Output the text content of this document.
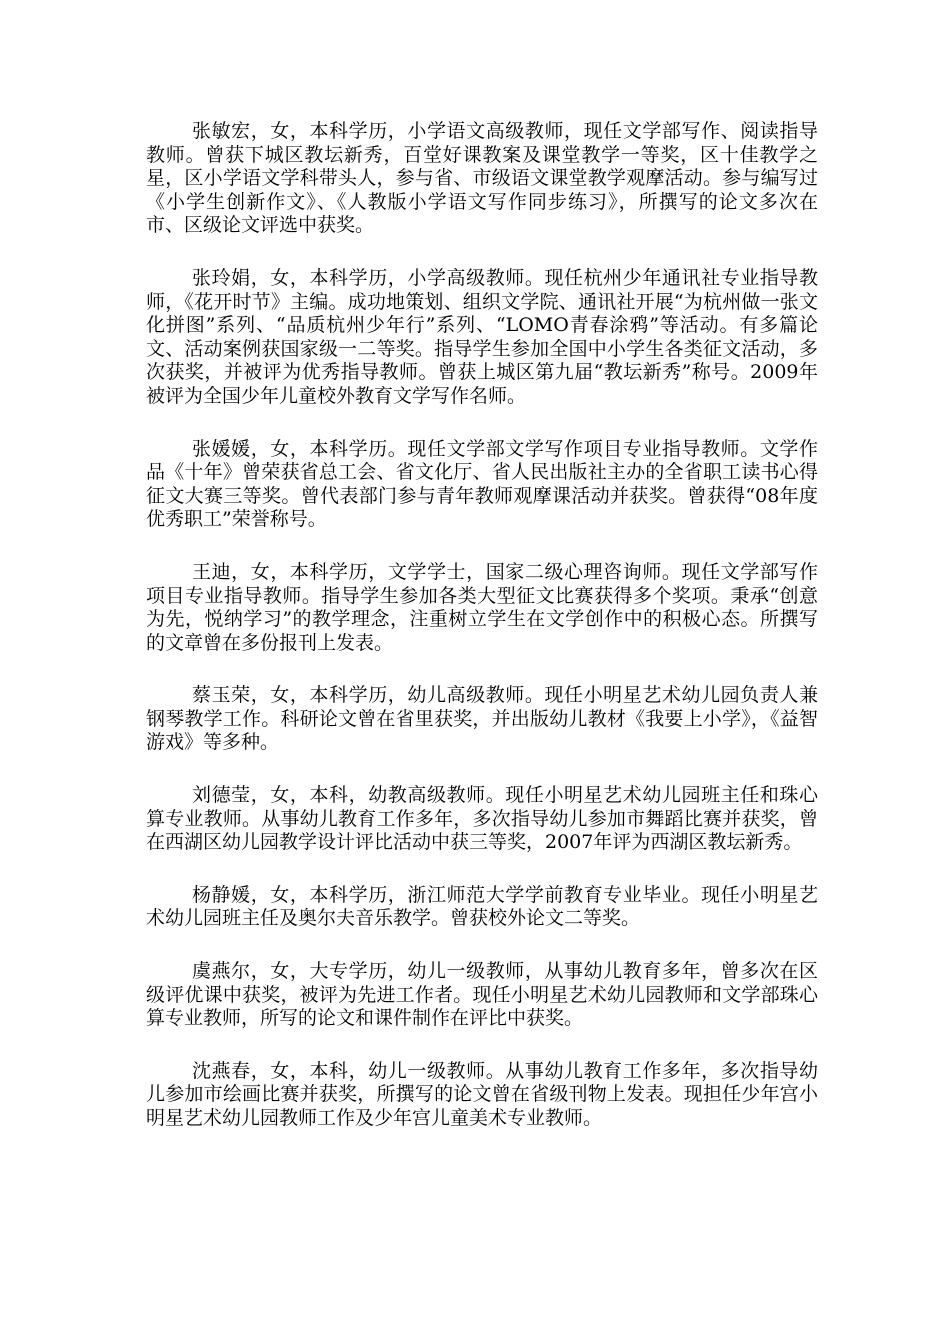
张敏宏，女，本科学历，小学语文高级教师，现任文学部写作、阅读指导教师。曾获下城区教坛新秀，百堂好课教案及课堂教学一等奖，区十佳教学之星，区小学语文学科带头人，参与省、市级语文课堂教学观摩活动。参与编写过《小学生创新作文》、《人教版小学语文写作同步练习》，所撰写的论文多次在市、区级论文评选中获奖。

张玲娟，女，本科学历，小学高级教师。现任杭州少年通讯社专业指导教师，《花开时节》主编。成功地策划、组织文学院、通讯社开展“为杭州做一张文化拼图”系列、“品质杭州少年行”系列、“LOMO青春涂鸦”等活动。有多篇论文、活动案例获国家级一二等奖。指导学生参加全国中小学生各类征文活动，多次获奖，并被评为优秀指导教师。曾获上城区第九届“教坛新秀”称号。2009年被评为全国少年儿童校外教育文学写作名师。

张媛媛，女，本科学历。现任文学部文学写作项目专业指导教师。文学作品《十年》曾荣获省总工会、省文化厅、省人民出版社主办的全省职工读书心得征文大赛三等奖。曾代表部门参与青年教师观摩课活动并获奖。曾获得“08年度优秀职工”荣誉称号。

王迪，女，本科学历，文学学士，国家二级心理咨询师。现任文学部写作项目专业指导教师。指导学生参加各类大型征文比赛获得多个奖项。秉承“创意为先，悦纳学习”的教学理念，注重树立学生在文学创作中的积极心态。所撰写的文章曾在多份报刊上发表。

蔡玉荣，女，本科学历，幼儿高级教师。现任小明星艺术幼儿园负责人兼钢琴教学工作。科研论文曾在省里获奖，并出版幼儿教材《我要上小学》，《益智游戏》等多种。

刘德莹，女，本科，幼教高级教师。现任小明星艺术幼儿园班主任和珠心算专业教师。从事幼儿教育工作多年，多次指导幼儿参加市舞蹈比赛并获奖，曾在西湖区幼儿园教学设计评比活动中获三等奖，2007年评为西湖区教坛新秀。

杨静媛，女，本科学历，浙江师范大学学前教育专业毕业。现任小明星艺术幼儿园班主任及奥尔夫音乐教学。曾获校外论文二等奖。

虞燕尔，女，大专学历，幼儿一级教师，从事幼儿教育多年，曾多次在区级评优课中获奖，被评为先进工作者。现任小明星艺术幼儿园教师和文学部珠心算专业教师，所写的论文和课件制作在评比中获奖。

沈燕春，女，本科，幼儿一级教师。从事幼儿教育工作多年，多次指导幼儿参加市绘画比赛并获奖，所撰写的论文曾在省级刊物上发表。现担任少年宫小明星艺术幼儿园教师工作及少年宫儿童美术专业教师。
